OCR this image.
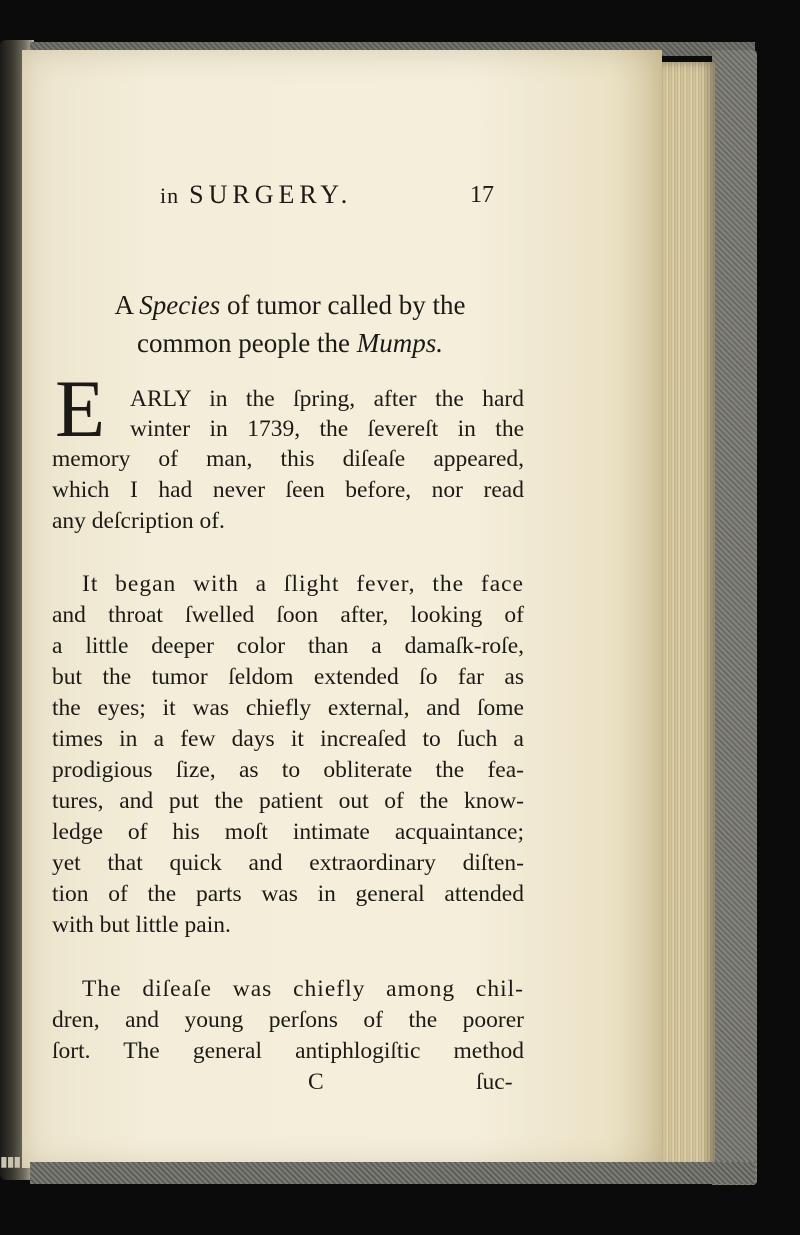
in SURGERY.	17
A Species of tumor called by the
common people the Mumps.
E ARLY in the ſpring, after the hard
winter in 1739, the ſevereſt in the
memory of man, this diſeaſe appeared,
which I had never ſeen before, nor read
any deſcription of.
It began with a ſlight fever, the face
and throat ſwelled ſoon after, looking of
a little deeper color than a damaſk-roſe,
but the tumor ſeldom extended ſo far as
the eyes; it was chiefly external, and ſome
times in a few days it increaſed to ſuch a
prodigious ſize, as to obliterate the fea-
tures, and put the patient out of the know-
ledge of his moſt intimate acquaintance;
yet that quick and extraordinary diſten-
tion of the parts was in general attended
with but little pain.
The diſeaſe was chiefly among chil-
dren, and young perſons of the poorer
ſort. The general antiphlogiſtic method
C	ſuc-
▮▮▮
